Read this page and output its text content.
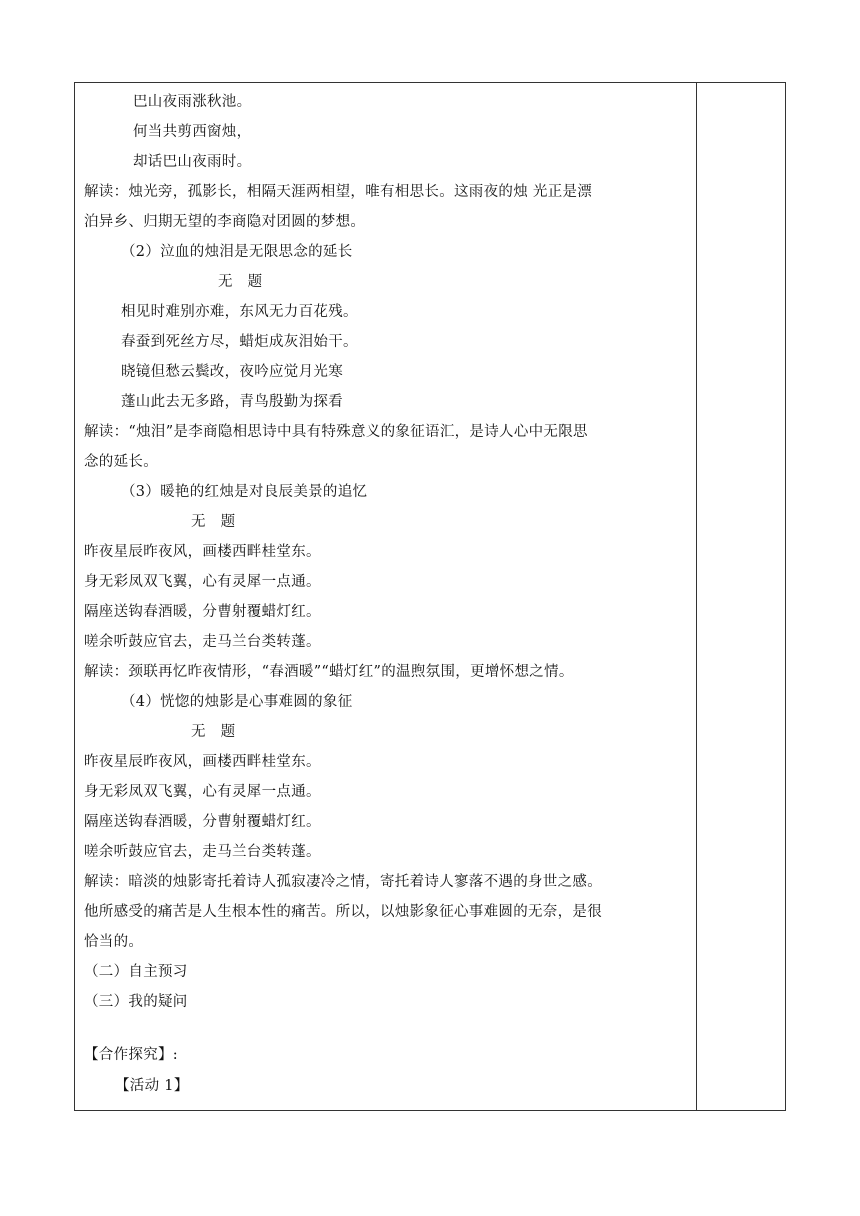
巴山夜雨涨秋池。
何当共剪西窗烛，
却话巴山夜雨时。
解读：烛光旁，孤影长，相隔天涯两相望，唯有相思长。这雨夜的烛 光正是漂
泊异乡、归期无望的李商隐对团圆的梦想。
（2）泣血的烛泪是无限思念的延长
无　题
相见时难别亦难，东风无力百花残。
春蚕到死丝方尽，蜡炬成灰泪始干。
晓镜但愁云鬓改，夜吟应觉月光寒
蓬山此去无多路，青鸟殷勤为探看
解读：“烛泪”是李商隐相思诗中具有特殊意义的象征语汇，是诗人心中无限思
念的延长。
（3）暖艳的红烛是对良辰美景的追忆
无　题
昨夜星辰昨夜风，画楼西畔桂堂东。
身无彩凤双飞翼，心有灵犀一点通。
隔座送钩春酒暖，分曹射覆蜡灯红。
嗟余听鼓应官去，走马兰台类转蓬。
解读：颈联再忆昨夜情形，“春酒暖”“蜡灯红”的温煦氛围，更增怀想之情。
（4）恍惚的烛影是心事难圆的象征
无　题
昨夜星辰昨夜风，画楼西畔桂堂东。
身无彩凤双飞翼，心有灵犀一点通。
隔座送钩春酒暖，分曹射覆蜡灯红。
嗟余听鼓应官去，走马兰台类转蓬。
解读：暗淡的烛影寄托着诗人孤寂凄冷之情，寄托着诗人寥落不遇的身世之感。
他所感受的痛苦是人生根本性的痛苦。所以，以烛影象征心事难圆的无奈，是很
恰当的。
（二）自主预习
（三）我的疑问
【合作探究】:
【活动 1】
